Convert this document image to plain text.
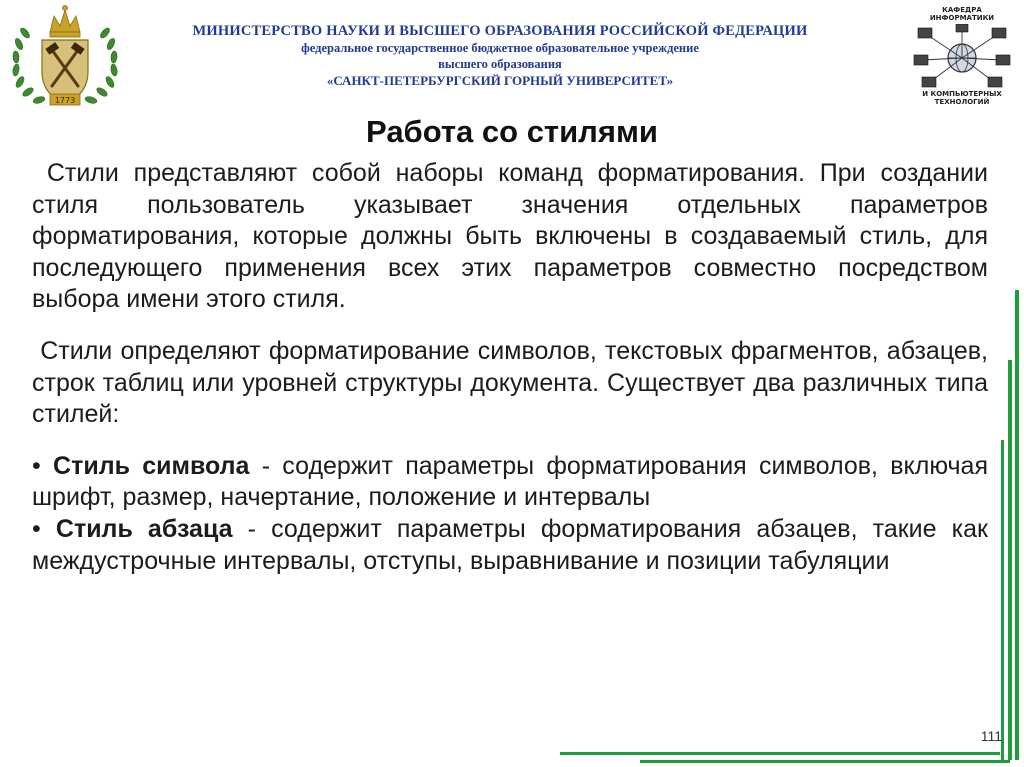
1773
МИНИСТЕРСТВО НАУКИ И ВЫСШЕГО ОБРАЗОВАНИЯ РОССИЙСКОЙ ФЕДЕРАЦИИ
федеральное государственное бюджетное образовательное учреждение
высшего образования
«САНКТ-ПЕТЕРБУРГСКИЙ ГОРНЫЙ УНИВЕРСИТЕТ»
КАФЕДРА
ИНФОРМАТИКИ
И КОМПЬЮТЕРНЫХ
ТЕХНОЛОГИЙ
Работа со стилями

Стили представляют собой наборы команд форматирования. При создании стиля пользователь указывает значения отдельных параметров форматирования, которые должны быть включены в создаваемый стиль, для последующего применения всех этих параметров совместно посредством выбора имени этого стиля.

Стили определяют форматирование символов, текстовых фрагментов, абзацев, строк таблиц или уровней структуры документа. Существует два различных типа стилей:

• Стиль символа - содержит параметры форматирования символов, включая шрифт, размер, начертание, положение и интервалы

• Стиль абзаца - содержит параметры форматирования абзацев, такие как междустрочные интервалы, отступы, выравнивание и позиции табуляции

111
